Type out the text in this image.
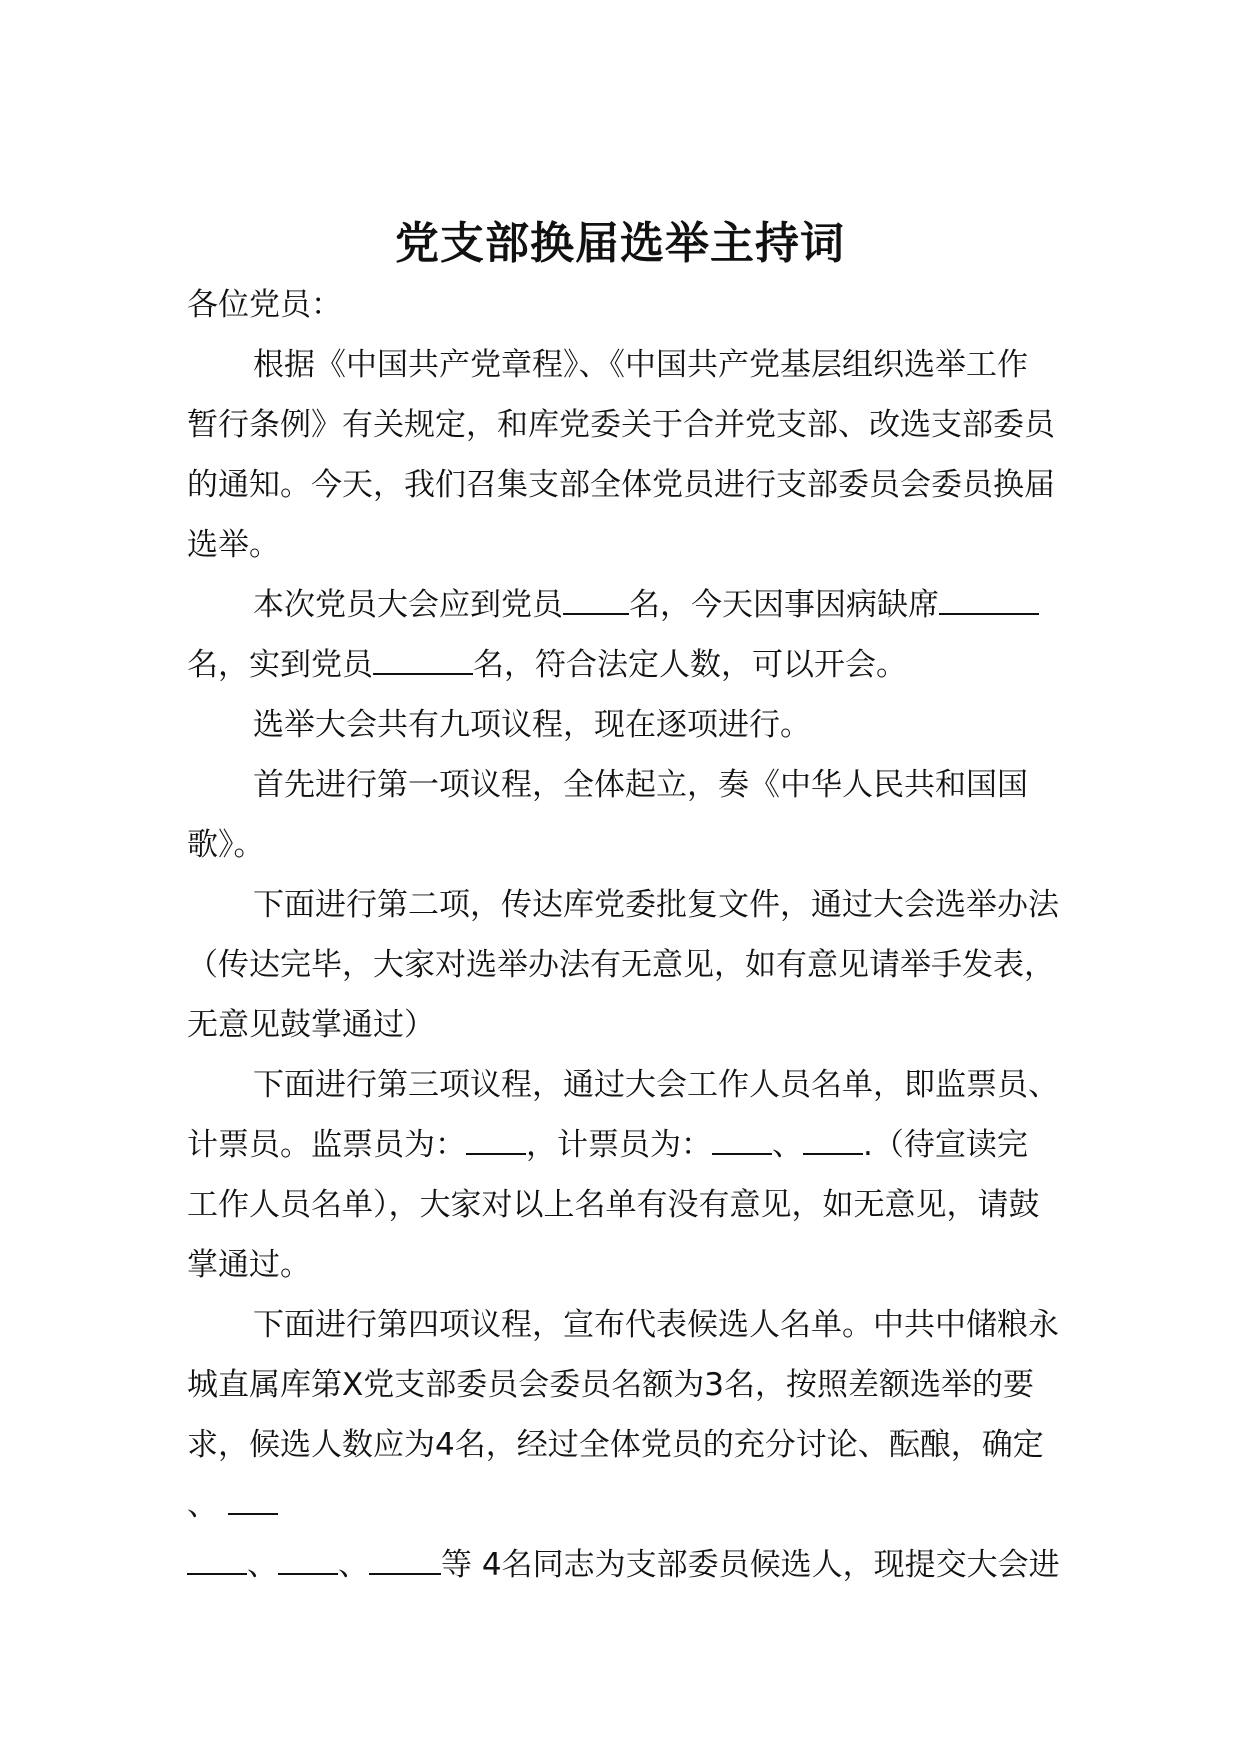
党支部换届选举主持词
各位党员：
根据《中国共产党章程》、《中国共产党基层组织选举工作
暂行条例》有关规定，和库党委关于合并党支部、改选支部委员
的通知。今天，我们召集支部全体党员进行支部委员会委员换届
选举。
本次党员大会应到党员 名，今天因事因病缺席
名，实到党员	名，符合法定人数，可以开会。
选举大会共有九项议程，现在逐项进行。
首先进行第一项议程，全体起立，奏《中华人民共和国国
歌》。
下面进行第二项，传达库党委批复文件，通过大会选举办法
（传达完毕，大家对选举办法有无意见，如有意见请举手发表，
无意见鼓掌通过）
下面进行第三项议程，通过大会工作人员名单，即监票员、
计票员。监票员为： ，计票员为： 、 .（待宣读完
工作人员名单），大家对以上名单有没有意见，如无意见，请鼓
掌通过。
下面进行第四项议程，宣布代表候选人名单。中共中储粮永
城直属库第X党支部委员会委员名额为3名，按照差额选举的要
求，候选人数应为4名，经过全体党员的充分讨论、酝酿，确定
、
、 、 等 4名同志为支部委员候选人，现提交大会进
